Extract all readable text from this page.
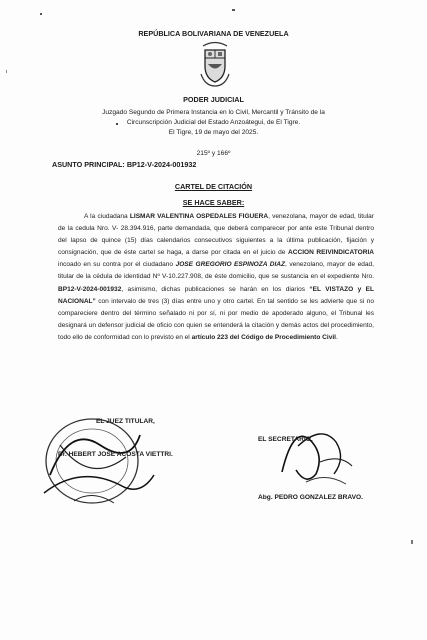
REPÚBLICA BOLIVARIANA DE VENEZUELA
PODER JUDICIAL
Juzgado Segundo de Primera Instancia en lo Civil, Mercantil y Tránsito de la
Circunscripción Judicial del Estado Anzoátegui, de El Tigre.
El Tigre, 19 de mayo del 2025.
215º y 166º
ASUNTO PRINCIPAL: BP12-V-2024-001932
CARTEL DE CITACIÓN
SE HACE SABER:

A la ciudadana LISMAR VALENTINA OSPEDALES FIGUERA, venezolana, mayor de edad, titular de la cedula Nro. V- 28.394.916, parte demandada, que deberá comparecer por ante este Tribunal dentro del lapso de quince (15) días calendarios consecutivos siguientes a la última publicación, fijación y consignación, que de éste cartel se haga, a darse por citada en el juicio de ACCION REIVINDICATORIA incoado en su contra por el ciudadano JOSE GREGORIO ESPINOZA DIAZ, venezolano, mayor de edad, titular de la cédula de identidad Nº V-10.227.908, de éste domicilio, que se sustancia en el expediente Nro. BP12-V-2024-001932, asimismo, dichas publicaciones se harán en los diarios “EL VISTAZO y EL NACIONAL” con intervalo de tres (3) días entre uno y otro cartel. En tal sentido se les advierte que si no compareciere dentro del término señalado ni por sí, ni por medio de apoderado alguno, el Tribunal les designará un defensor judicial de oficio con quien se entenderá la citación y demás actos del procedimiento, todo ello de conformidad con lo previsto en el artículo 223 del Código de Procedimiento Civil.

EL JUEZ TITULAR,
Dr. HEBERT JOSE ACOSTA VIETTRI.
EL SECRETARIO,
Abg. PEDRO GONZALEZ BRAVO.
